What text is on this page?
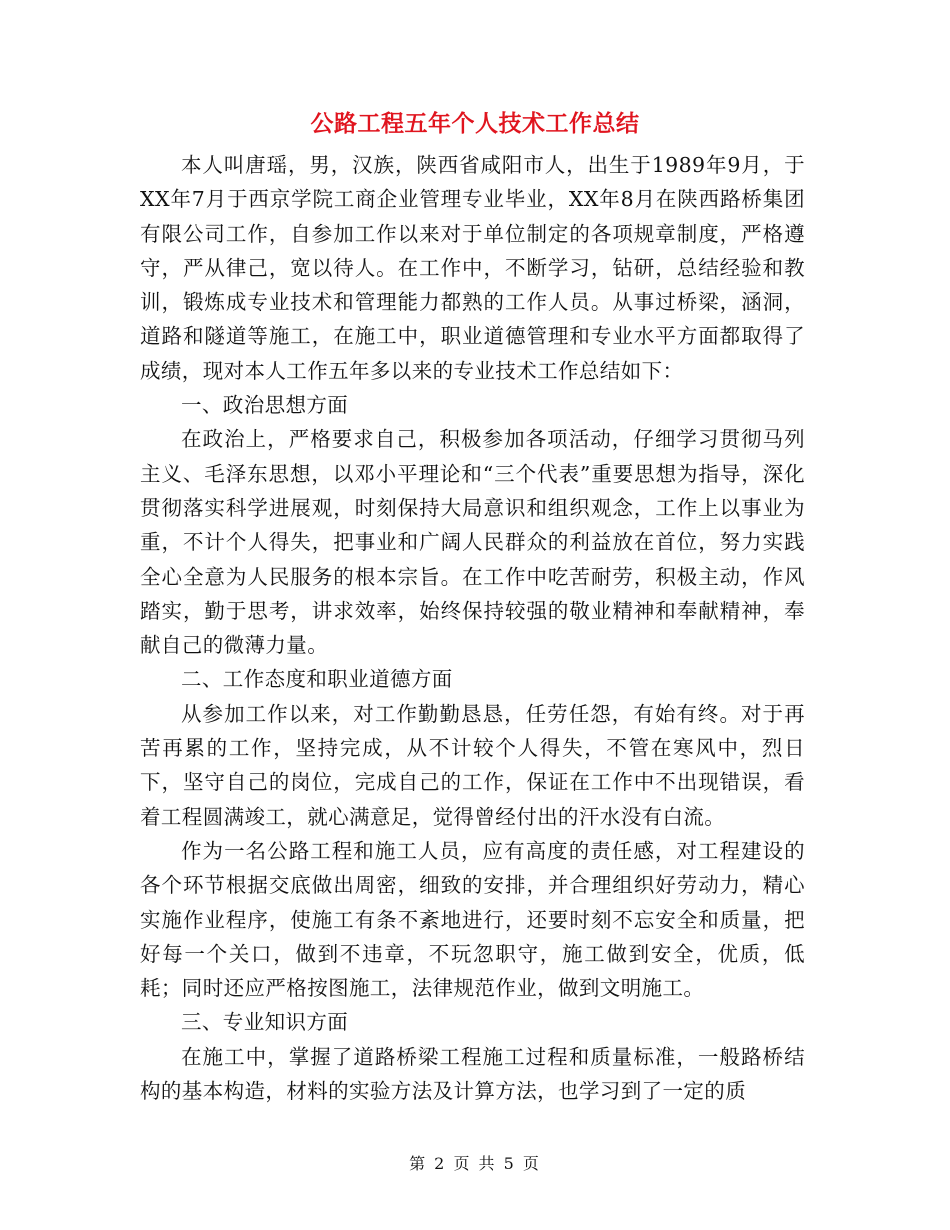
公路工程五年个人技术工作总结

本人叫唐瑶，男，汉族，陕西省咸阳市人，出生于1989年9月，于XX年7月于西京学院工商企业管理专业毕业，XX年8月在陕西路桥集团有限公司工作，自参加工作以来对于单位制定的各项规章制度，严格遵守，严从律己，宽以待人。在工作中，不断学习，钻研，总结经验和教训，锻炼成专业技术和管理能力都熟的工作人员。从事过桥梁，涵洞，道路和隧道等施工，在施工中，职业道德管理和专业水平方面都取得了成绩，现对本人工作五年多以来的专业技术工作总结如下：

一、政治思想方面

在政治上，严格要求自己，积极参加各项活动，仔细学习贯彻马列主义、毛泽东思想，以邓小平理论和“三个代表”重要思想为指导，深化贯彻落实科学进展观，时刻保持大局意识和组织观念，工作上以事业为重，不计个人得失，把事业和广阔人民群众的利益放在首位，努力实践全心全意为人民服务的根本宗旨。在工作中吃苦耐劳，积极主动，作风踏实，勤于思考，讲求效率，始终保持较强的敬业精神和奉献精神，奉献自己的微薄力量。

二、工作态度和职业道德方面

从参加工作以来，对工作勤勤恳恳，任劳任怨，有始有终。对于再苦再累的工作，坚持完成，从不计较个人得失，不管在寒风中，烈日下，坚守自己的岗位，完成自己的工作，保证在工作中不出现错误，看着工程圆满竣工，就心满意足，觉得曾经付出的汗水没有白流。

作为一名公路工程和施工人员，应有高度的责任感，对工程建设的各个环节根据交底做出周密，细致的安排，并合理组织好劳动力，精心实施作业程序，使施工有条不紊地进行，还要时刻不忘安全和质量，把好每一个关口，做到不违章，不玩忽职守，施工做到安全，优质，低耗；同时还应严格按图施工，法律规范作业，做到文明施工。

三、专业知识方面

在施工中，掌握了道路桥梁工程施工过程和质量标准，一般路桥结构的基本构造，材料的实验方法及计算方法，也学习到了一定的质

第 2 页 共 5 页
